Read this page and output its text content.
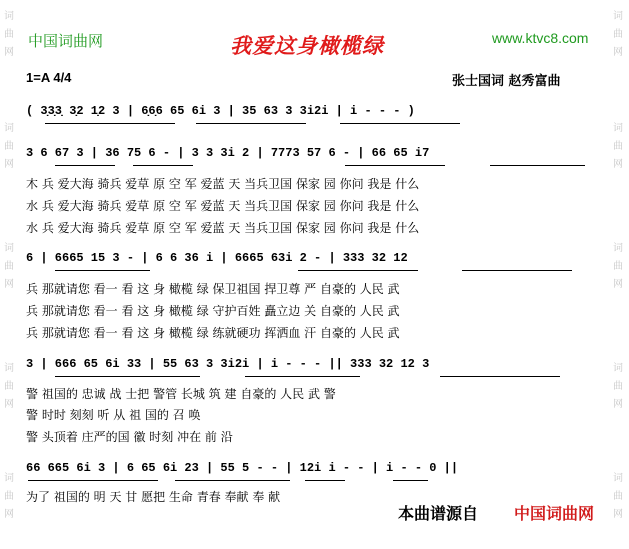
词曲网
词曲网
词曲网
词曲网
词曲网
词曲网
词曲网
词曲网
词曲网
词曲网
中国词曲网	我爱这身橄榄绿	www.ktvc8.com
1=A 4/4	张士国词 赵秀富曲
( 3̣3̣3̣ 3̣2 1̣2 3 | 6̣6̣6 65 6i 3 | 35 63 3 3i2i | i - - - )
3 6 67 3 | 36 75 6 - | 3 3 3i 2 | 7773 57 6 - | 66 65 i7
木 兵 爱大海 骑兵 爱草 原 空 军 爱蓝 天 当兵卫国 保家 园 你问 我是 什么
水 兵 爱大海 骑兵 爱草 原 空 军 爱蓝 天 当兵卫国 保家 园 你问 我是 什么
水 兵 爱大海 骑兵 爱草 原 空 军 爱蓝 天 当兵卫国 保家 园 你问 我是 什么
6 | 6665 15 3 - | 6 6 36 i | 6665 63i 2 - | 333 32 12
兵 那就请您 看一 看 这 身 橄榄 绿 保卫祖国 捍卫尊 严 自豪的 人民 武
兵 那就请您 看一 看 这 身 橄榄 绿 守护百姓 矗立边 关 自豪的 人民 武
兵 那就请您 看一 看 这 身 橄榄 绿 练就硬功 挥洒血 汗 自豪的 人民 武
3 | 666 65 6i 33 | 55 63 3 3i2i | i - - - || 333 32 12 3
警 祖国的 忠诚 战 士把 警管 长城 筑 建 自豪的 人民 武 警
警 时时 刻刻 听 从 祖 国的 召 唤
警 头顶着 庄严的国 徽 时刻 冲在 前 沿
66 665 6i 3 | 6 65 6i 23 | 55 5 - - | 12i i - - | i - - 0 ||
为了 祖国的 明 天 甘 愿把 生命 青春 奉献 奉 献
本曲谱源自 中国词曲网
